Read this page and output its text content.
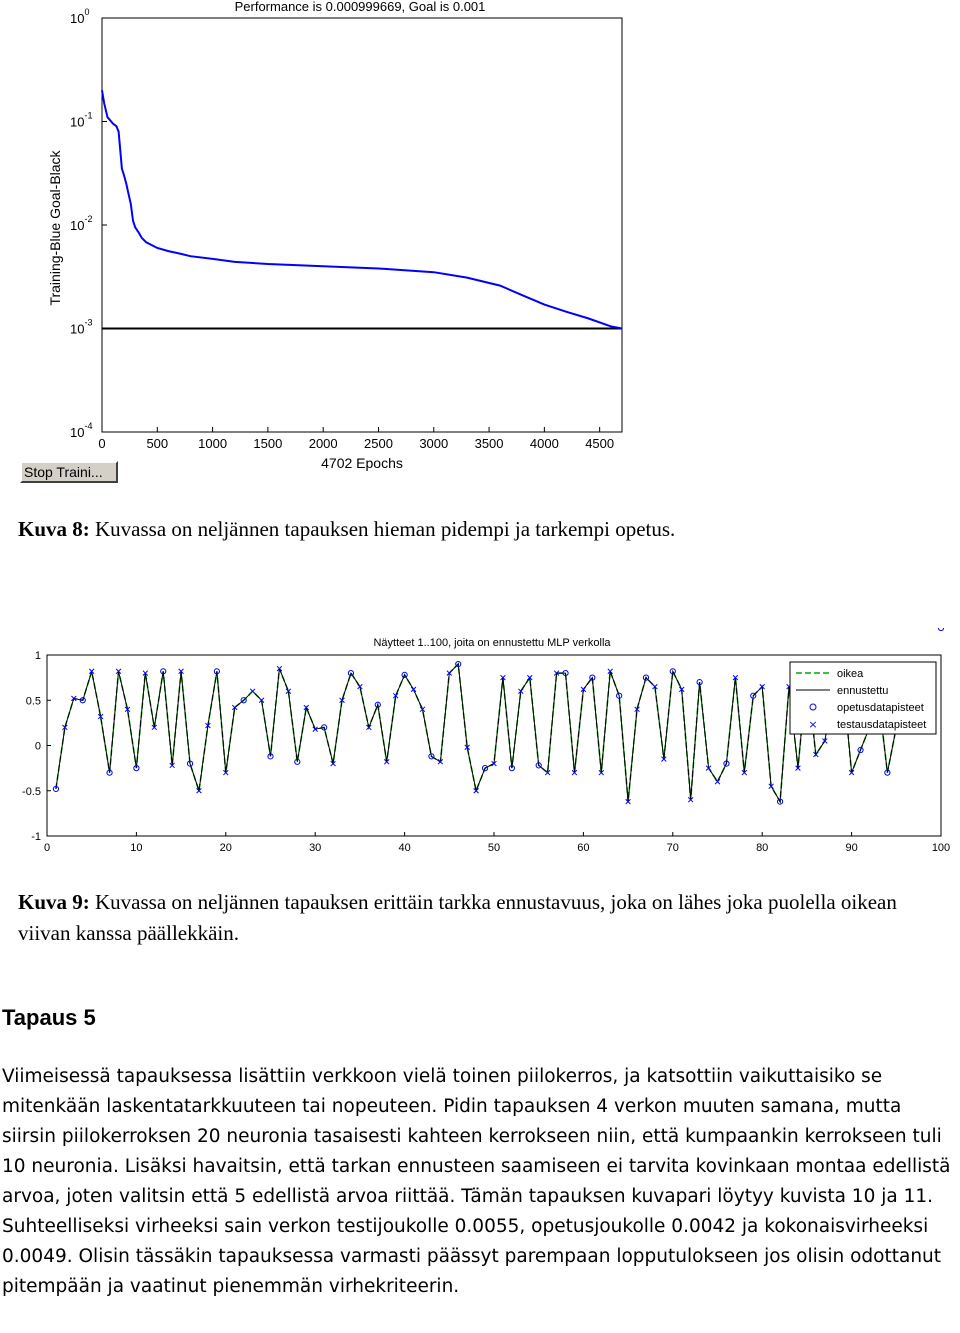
Performance is 0.000999669, Goal is 0.001
0	500 1000 1500 2000 2500 3000 3500 4000 4500
$10^0$
$10^{-1}$
$10^{-2}$
$10^{-3}$
$10^{-4}$
Training-Blue Goal-Black
4702 Epochs
Stop Traini...
Kuva 8: Kuvassa on neljännen tapauksen hieman pidempi ja tarkempi opetus.
Näytteet 1..100, joita on ennustettu MLP verkolla
0	10	20	30	40	50	60	70	80	90	100
1
0.5
0
-0.5
-1
oikea
ennustettu
opetusdatapisteet
× testausdatapisteet
Kuva 9: Kuvassa on neljännen tapauksen erittäin tarkka ennustavuus, joka on lähes joka puolella oikean viivan kanssa päällekkäin.
Tapaus 5
Viimeisessä tapauksessa lisättiin verkkoon vielä toinen piilokerros, ja katsottiin vaikuttaisiko se mitenkään laskentatarkkuuteen tai nopeuteen. Pidin tapauksen 4 verkon muuten samana, mutta siirsin piilokerroksen 20 neuronia tasaisesti kahteen kerrokseen niin, että kumpaankin kerrokseen tuli 10 neuronia. Lisäksi havaitsin, että tarkan ennusteen saamiseen ei tarvita kovinkaan montaa edellistä arvoa, joten valitsin että 5 edellistä arvoa riittää. Tämän tapauksen kuvapari löytyy kuvista 10 ja 11. Suhteelliseksi virheeksi sain verkon testijoukolle 0.0055, opetusjoukolle 0.0042 ja kokonaisvirheeksi 0.0049. Olisin tässäkin tapauksessa varmasti päässyt parempaan lopputulokseen jos olisin odottanut pitempään ja vaatinut pienemmän virhekriteerin.
